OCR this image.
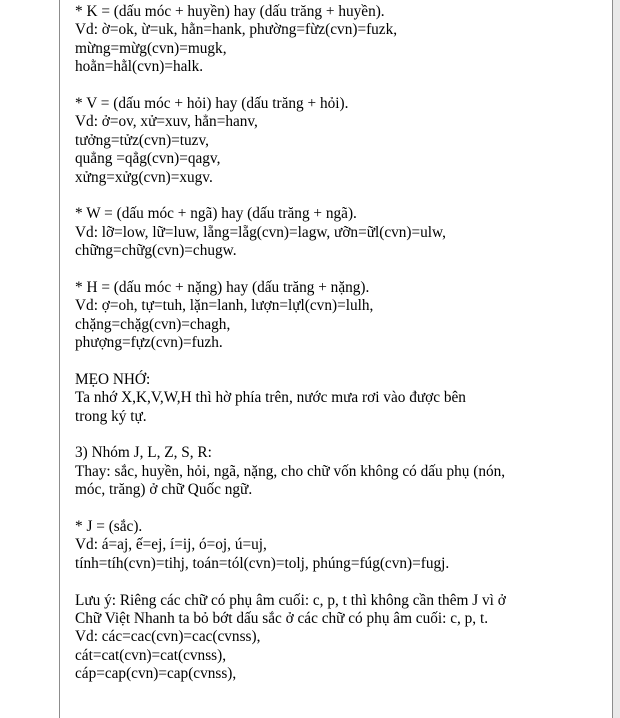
* K = (dấu móc + huyền) hay (dấu trăng + huyền).
Vd: ờ=ok, ừ=uk, hằn=hank, phường=fừz(cvn)=fuzk,
mừng=mừg(cvn)=mugk,
hoằn=hằl(cvn)=halk.
* V = (dấu móc + hỏi) hay (dấu trăng + hỏi).
Vd: ở=ov, xử=xuv, hẳn=hanv,
tưởng=tửz(cvn)=tuzv,
quẳng =qẳg(cvn)=qagv,
xửng=xửg(cvn)=xugv.
* W = (dấu móc + ngã) hay (dấu trăng + ngã).
Vd: lỡ=low, lữ=luw, lẵng=lẵg(cvn)=lagw, ưỡn=ữl(cvn)=ulw,
chững=chữg(cvn)=chugw.
* H = (dấu móc + nặng) hay (dấu trăng + nặng).
Vd: ợ=oh, tự=tuh, lặn=lanh, lượn=lựl(cvn)=lulh,
chặng=chặg(cvn)=chagh,
phượng=fựz(cvn)=fuzh.
MẸO NHỚ:
Ta nhớ X,K,V,W,H thì hờ phía trên, nước mưa rơi vào được bên
trong ký tự.
3) Nhóm J, L, Z, S, R:
Thay: sắc, huyền, hỏi, ngã, nặng, cho chữ vốn không có dấu phụ (nón,
móc, trăng) ở chữ Quốc ngữ.
* J = (sắc).
Vd: á=aj, ế=ej, í=ij, ó=oj, ú=uj,
tính=tíh(cvn)=tihj, toán=tól(cvn)=tolj, phúng=fúg(cvn)=fugj.
Lưu ý: Riêng các chữ có phụ âm cuối: c, p, t thì không cần thêm J vì ở
Chữ Việt Nhanh ta bỏ bớt dấu sắc ở các chữ có phụ âm cuối: c, p, t.
Vd: các=cac(cvn)=cac(cvnss),
cát=cat(cvn)=cat(cvnss),
cáp=cap(cvn)=cap(cvnss),
